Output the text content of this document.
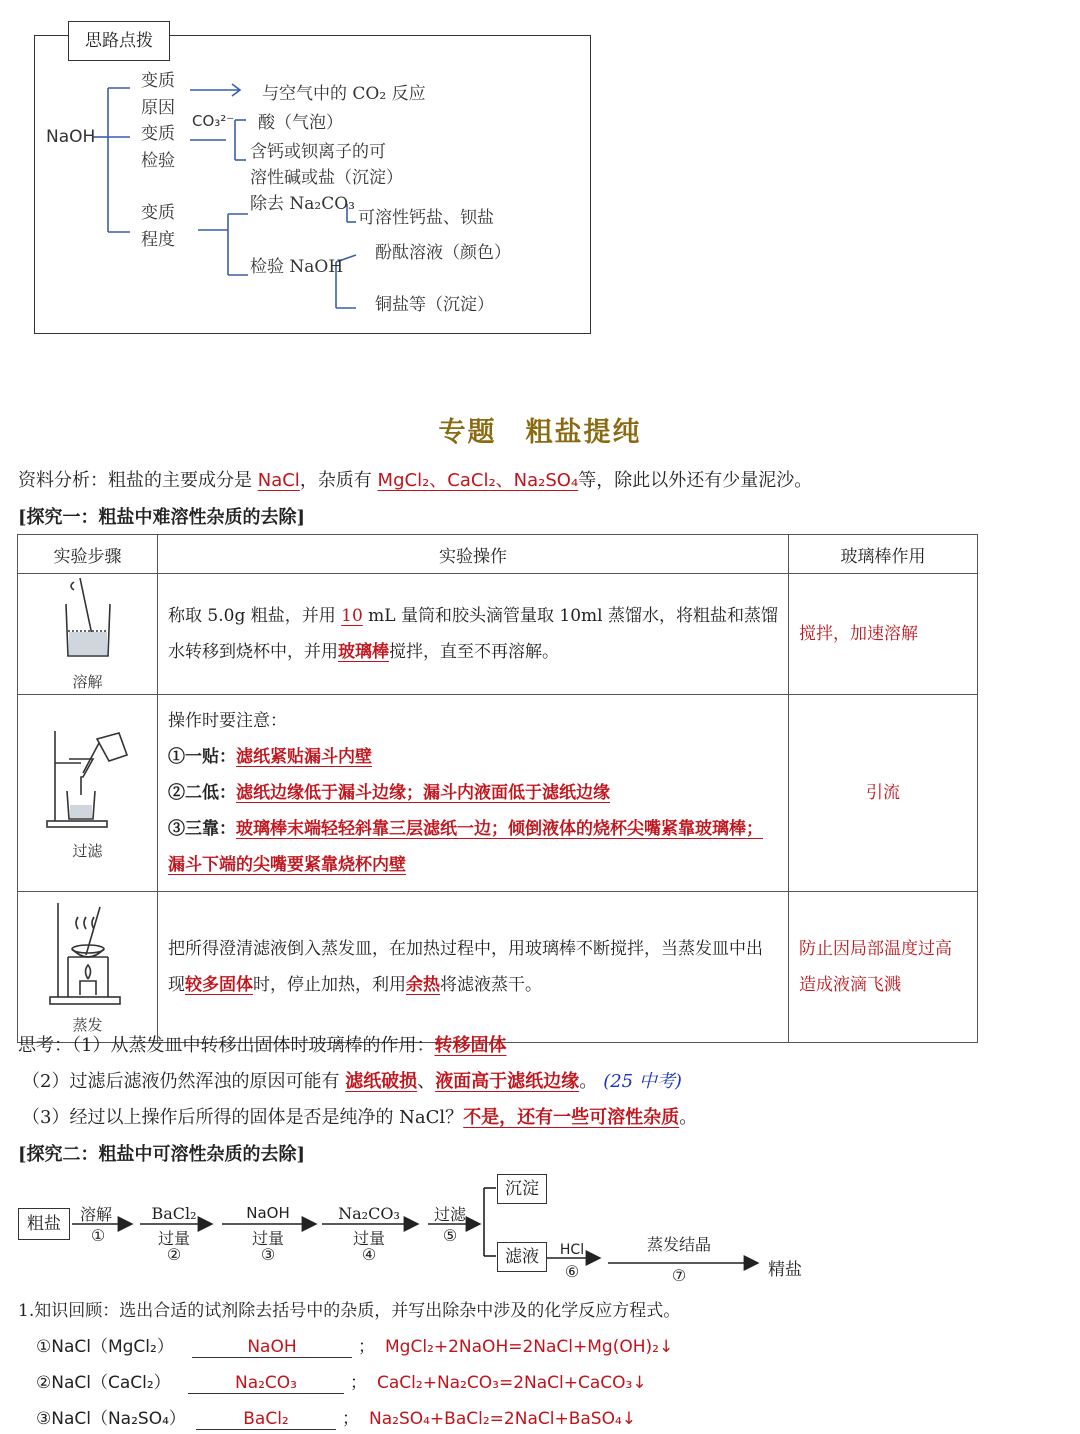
思路点拨
NaOH
变质
原因
变质
检验
与空气中的 CO₂ 反应
CO₃²⁻ 酸（气泡）
含钙或钡离子的可
溶性碱或盐（沉淀）
变质
程度
除去 Na₂CO₃
可溶性钙盐、钡盐
检验 NaOH
酚酞溶液（颜色）
铜盐等（沉淀）
专题　粗盐提纯
资料分析：粗盐的主要成分是 NaCl，杂质有 MgCl₂、CaCl₂、Na₂SO₄等，除此以外还有少量泥沙。
[探究一：粗盐中难溶性杂质的去除]
实验步骤	实验操作	玻璃棒作用

溶解	称取 5.0g 粗盐，并用 10 mL 量筒和胶头滴管量取 10ml 蒸馏水，将粗盐和蒸馏水转移到烧杯中，并用玻璃棒搅拌，直至不再溶解。	搅拌，加速溶解

过滤	操作时要注意：
①一贴：滤纸紧贴漏斗内壁
②二低：滤纸边缘低于漏斗边缘；漏斗内液面低于滤纸边缘
③三靠：玻璃棒末端轻轻斜靠三层滤纸一边；倾倒液体的烧杯尖嘴紧靠玻璃棒；漏斗下端的尖嘴要紧靠烧杯内壁	引流

蒸发	把所得澄清滤液倒入蒸发皿，在加热过程中，用玻璃棒不断搅拌，当蒸发皿中出现较多固体时，停止加热，利用余热将滤液蒸干。	防止因局部温度过高造成液滴飞溅
思考：（1）从蒸发皿中转移出固体时玻璃棒的作用：转移固体
（2）过滤后滤液仍然浑浊的原因可能有 滤纸破损、液面高于滤纸边缘。 (25 中考)
（3）经过以上操作后所得的固体是否是纯净的 NaCl？不是，还有一些可溶性杂质。
[探究二：粗盐中可溶性杂质的去除]
粗盐	溶解
①
BaCl₂
过量
②
NaOH
过量
③
Na₂CO₃
过量
④
过滤
⑤
沉淀
滤液	HCl
⑥
蒸发结晶
⑦	精盐
1.知识回顾：选出合适的试剂除去括号中的杂质，并写出除杂中涉及的化学反应方程式。
①NaCl（MgCl₂）	NaOH	； MgCl₂+2NaOH=2NaCl+Mg(OH)₂↓
②NaCl（CaCl₂）	Na₂CO₃	； CaCl₂+Na₂CO₃=2NaCl+CaCO₃↓
③NaCl（Na₂SO₄）	BaCl₂	； Na₂SO₄+BaCl₂=2NaCl+BaSO₄↓
